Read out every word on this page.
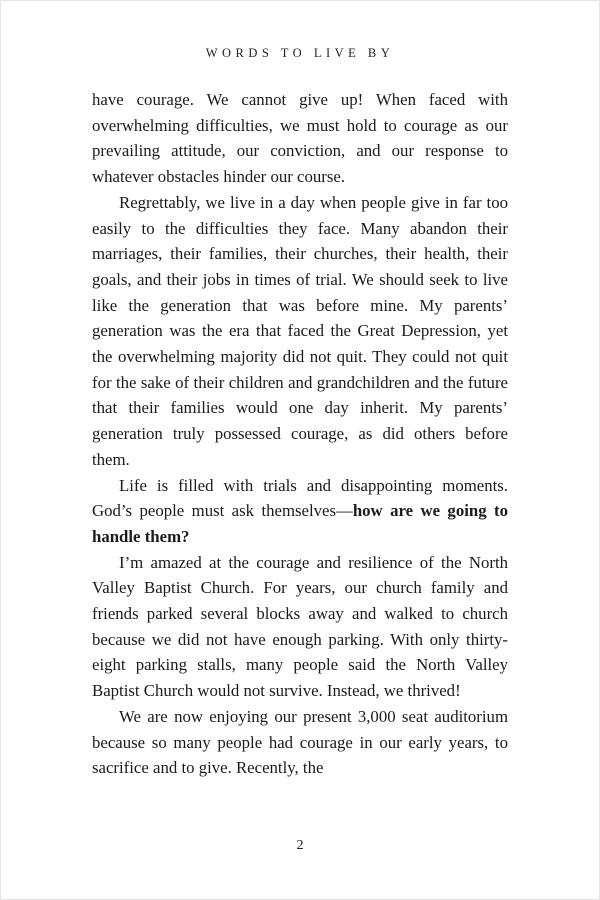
WORDS TO LIVE BY

have courage. We cannot give up! When faced with overwhelming difficulties, we must hold to courage as our prevailing attitude, our conviction, and our response to whatever obstacles hinder our course.

Regrettably, we live in a day when people give in far too easily to the difficulties they face. Many abandon their marriages, their families, their churches, their health, their goals, and their jobs in times of trial. We should seek to live like the generation that was before mine. My parents’ generation was the era that faced the Great Depression, yet the overwhelming majority did not quit. They could not quit for the sake of their children and grandchildren and the future that their families would one day inherit. My parents’ generation truly possessed courage, as did others before them.

Life is filled with trials and disappointing moments. God’s people must ask themselves—how are we going to handle them?

I’m amazed at the courage and resilience of the North Valley Baptist Church. For years, our church family and friends parked several blocks away and walked to church because we did not have enough parking. With only thirty-eight parking stalls, many people said the North Valley Baptist Church would not survive. Instead, we thrived!

We are now enjoying our present 3,000 seat auditorium because so many people had courage in our early years, to sacrifice and to give. Recently, the

2
